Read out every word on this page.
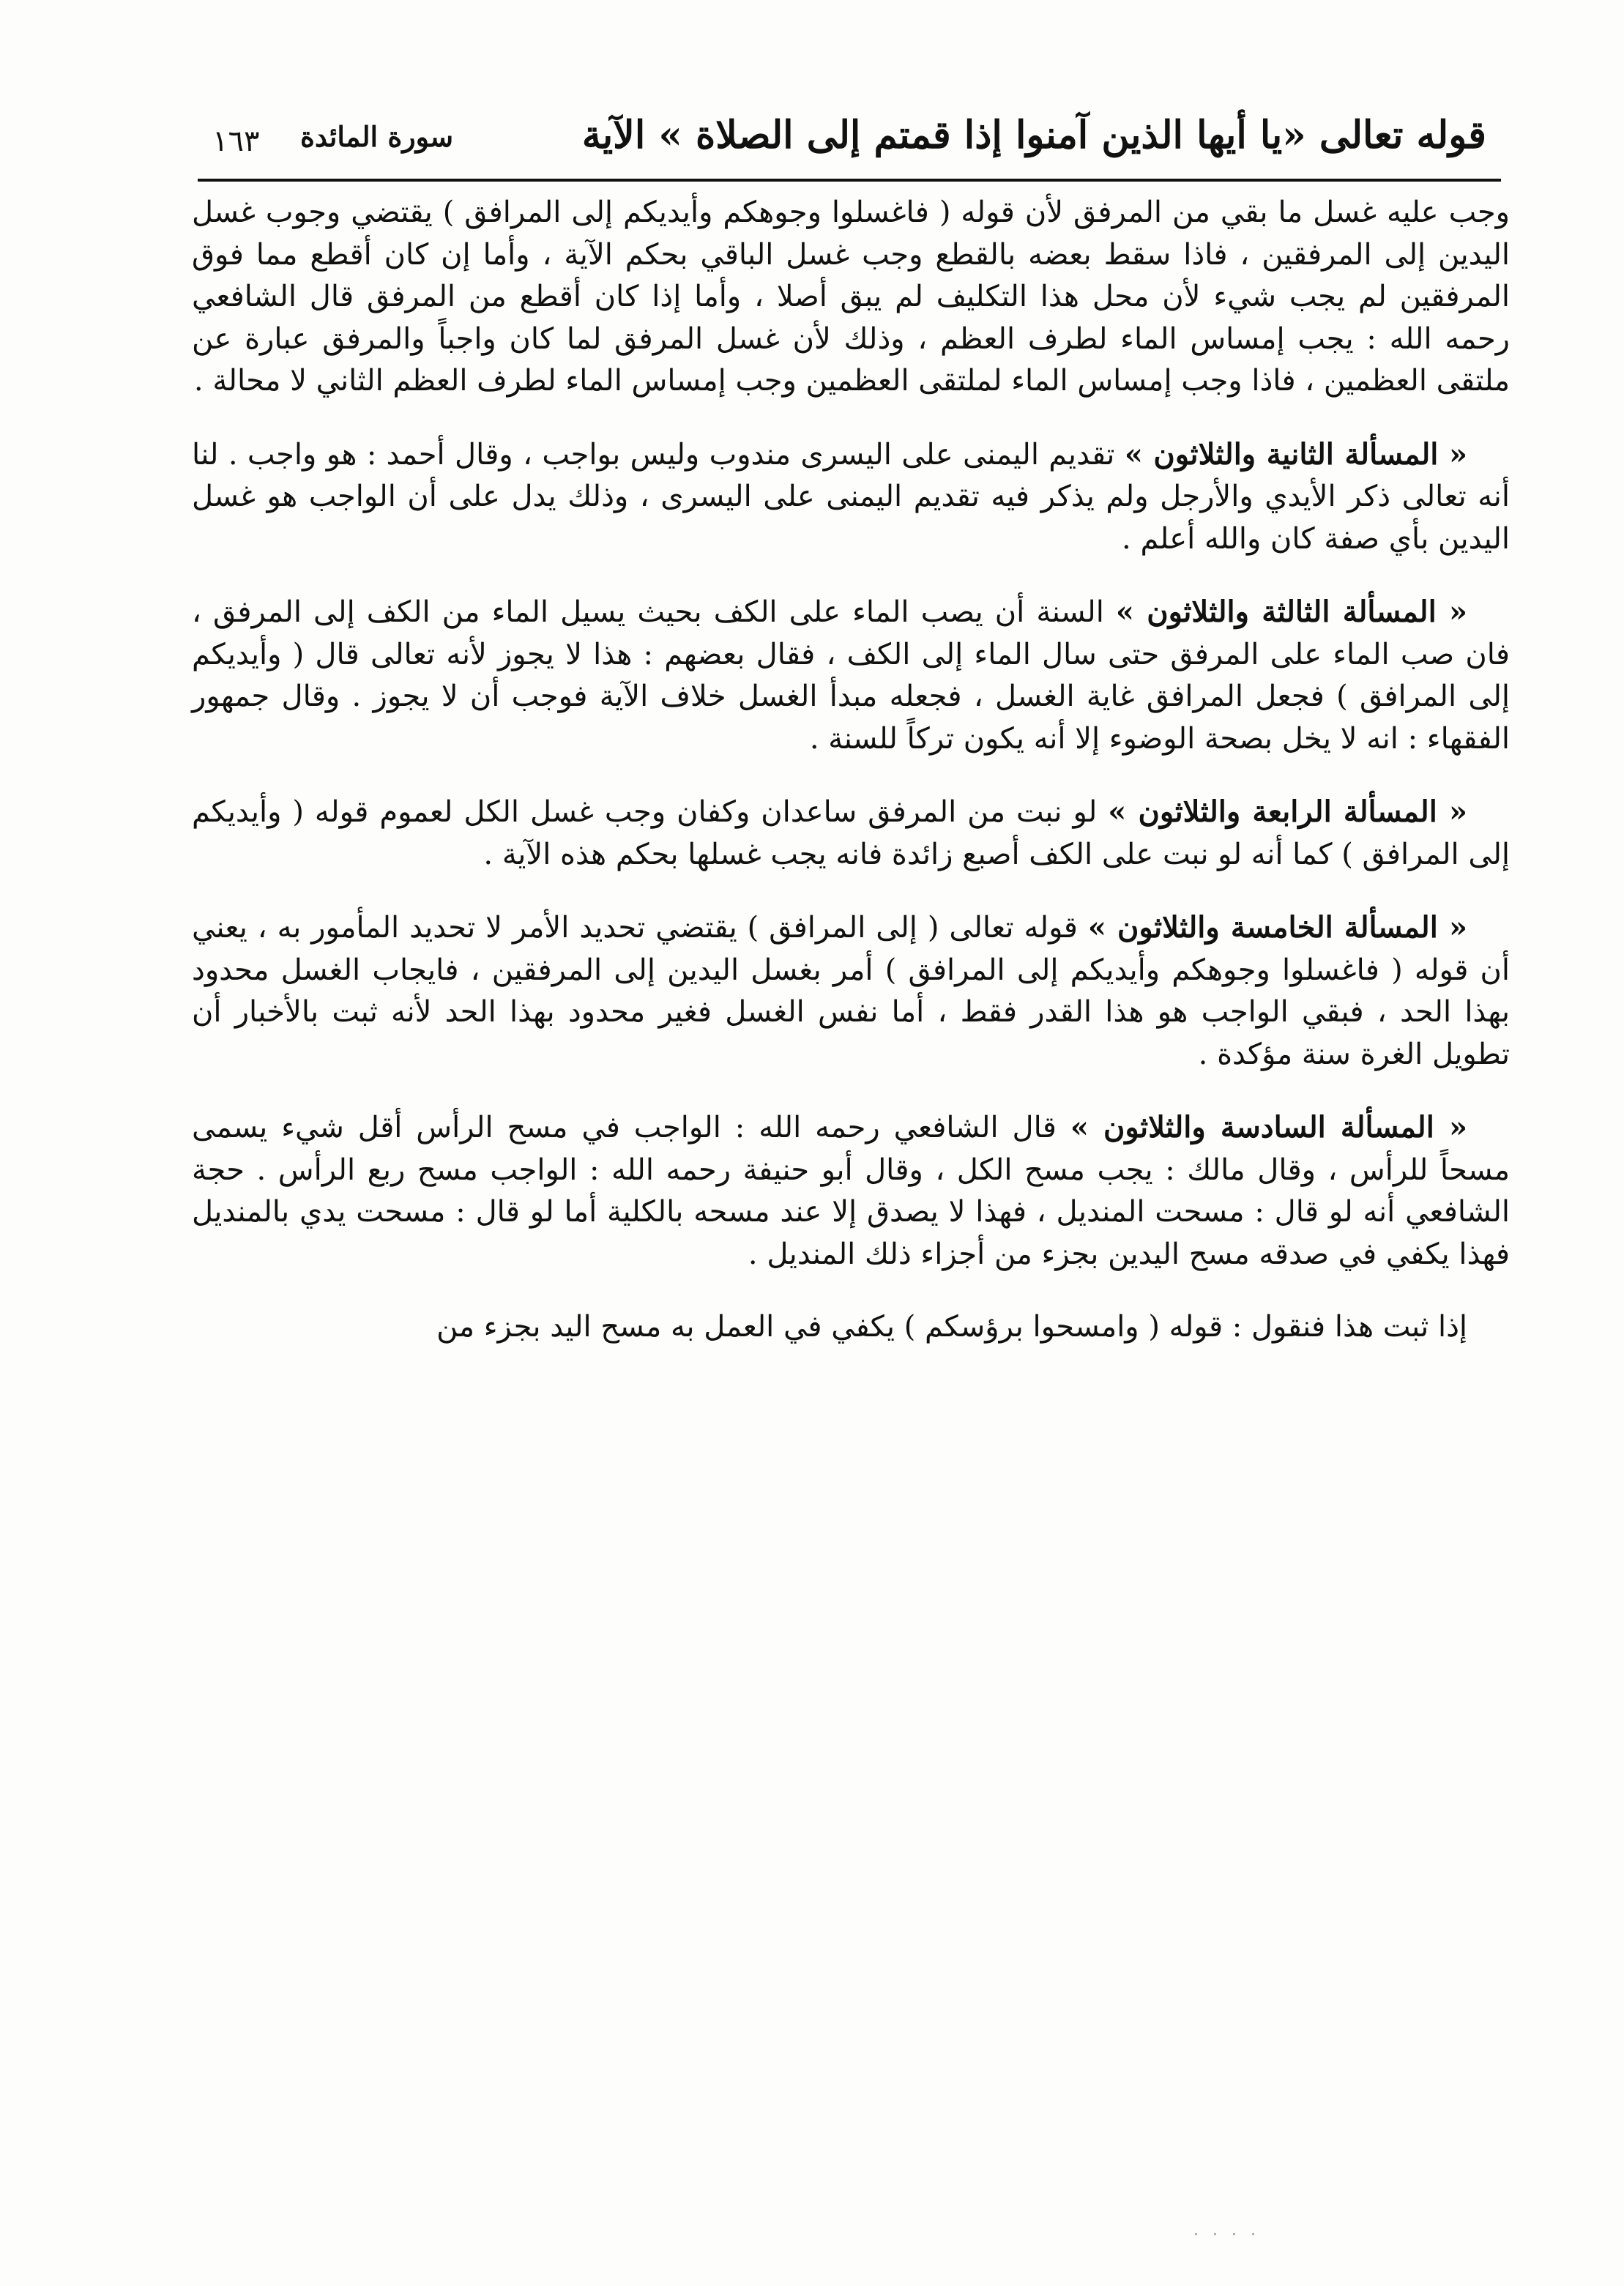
قوله تعالى «يا أيها الذين آمنوا إذا قمتم إلى الصلاة » الآية
سورة المائدة
١٦٣

وجب عليه غسل ما بقي من المرفق لأن قوله ( فاغسلوا وجوهكم وأيديكم إلى المرافق ) يقتضي وجوب غسل اليدين إلى المرفقين ، فاذا سقط بعضه بالقطع وجب غسل الباقي بحكم الآية ، وأما إن كان أقطع مما فوق المرفقين لم يجب شيء لأن محل هذا التكليف لم يبق أصلا ، وأما إذا كان أقطع من المرفق قال الشافعي رحمه الله : يجب إمساس الماء لطرف العظم ، وذلك لأن غسل المرفق لما كان واجباً والمرفق عبارة عن ملتقى العظمين ، فاذا وجب إمساس الماء لملتقى العظمين وجب إمساس الماء لطرف العظم الثاني لا محالة .

« المسألة الثانية والثلاثون » تقديم اليمنى على اليسرى مندوب وليس بواجب ، وقال أحمد : هو واجب . لنا أنه تعالى ذكر الأيدي والأرجل ولم يذكر فيه تقديم اليمنى على اليسرى ، وذلك يدل على أن الواجب هو غسل اليدين بأي صفة كان والله أعلم .

« المسألة الثالثة والثلاثون » السنة أن يصب الماء على الكف بحيث يسيل الماء من الكف إلى المرفق ، فان صب الماء على المرفق حتى سال الماء إلى الكف ، فقال بعضهم : هذا لا يجوز لأنه تعالى قال ( وأيديكم إلى المرافق ) فجعل المرافق غاية الغسل ، فجعله مبدأ الغسل خلاف الآية فوجب أن لا يجوز . وقال جمهور الفقهاء : انه لا يخل بصحة الوضوء إلا أنه يكون تركاً للسنة .

« المسألة الرابعة والثلاثون » لو نبت من المرفق ساعدان وكفان وجب غسل الكل لعموم قوله ( وأيديكم إلى المرافق ) كما أنه لو نبت على الكف أصبع زائدة فانه يجب غسلها بحكم هذه الآية .

« المسألة الخامسة والثلاثون » قوله تعالى ( إلى المرافق ) يقتضي تحديد الأمر لا تحديد المأمور به ، يعني أن قوله ( فاغسلوا وجوهكم وأيديكم إلى المرافق ) أمر بغسل اليدين إلى المرفقين ، فايجاب الغسل محدود بهذا الحد ، فبقي الواجب هو هذا القدر فقط ، أما نفس الغسل فغير محدود بهذا الحد لأنه ثبت بالأخبار أن تطويل الغرة سنة مؤكدة .

« المسألة السادسة والثلاثون » قال الشافعي رحمه الله : الواجب في مسح الرأس أقل شيء يسمى مسحاً للرأس ، وقال مالك : يجب مسح الكل ، وقال أبو حنيفة رحمه الله : الواجب مسح ربع الرأس . حجة الشافعي أنه لو قال : مسحت المنديل ، فهذا لا يصدق إلا عند مسحه بالكلية أما لو قال : مسحت يدي بالمنديل فهذا يكفي في صدقه مسح اليدين بجزء من أجزاء ذلك المنديل .

إذا ثبت هذا فنقول : قوله ( وامسحوا برؤسكم ) يكفي في العمل به مسح اليد بجزء من

· · · ·
